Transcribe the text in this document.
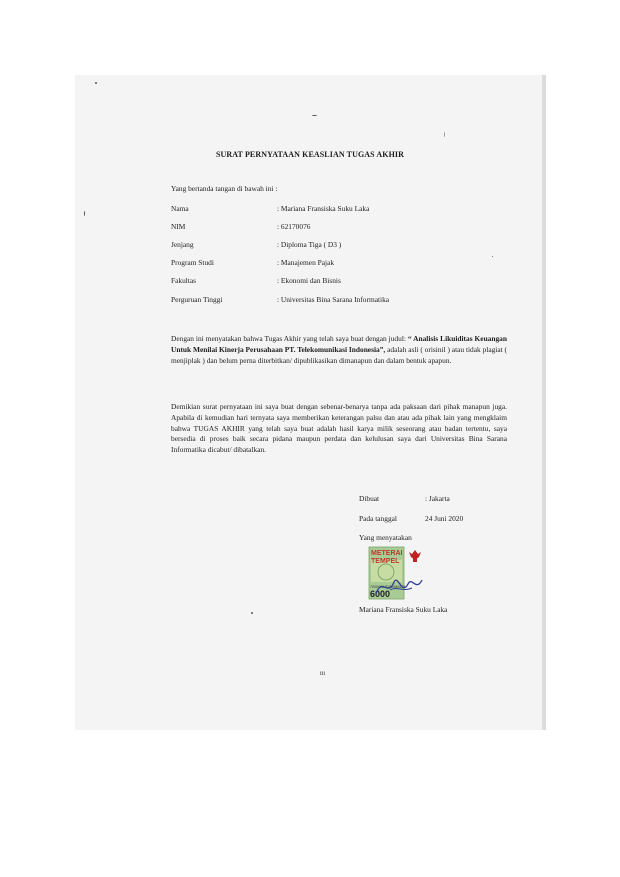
SURAT PERNYATAAN KEASLIAN TUGAS AKHIR
Yang bertanda tangan di bawah ini :
Nama	: Mariana Fransiska Suku Laka
NIM	: 62170076
Jenjang	: Diploma Tiga ( D3 )
Program Studi	: Manajemen Pajak
Fakultas	: Ekonomi dan Bisnis
Perguruan Tinggi	: Universitas Bina Sarana Informatika
Dengan ini menyatakan bahwa Tugas Akhir yang telah saya buat dengan judul: “ Analisis Likuiditas Keuangan Untuk Menilai Kinerja Perusahaan PT. Telekomunikasi Indonesia”, adalah asli ( orisinil ) atau tidak plagiat ( menjiplak ) dan belum perna diterbitkan/ dipublikasikan dimanapun dan dalam bentuk apapun.
Demikian surat pernyataan ini saya buat dengan sebenar-benarya tanpa ada paksaan dari pihak manapun juga. Apabila di kemudian hari ternyata saya memberikan keterangan palsu dan atau ada pihak lain yang mengklaim bahwa TUGAS AKHIR yang telah saya buat adalah hasil karya milik seseorang atau badan tertentu, saya bersedia di proses baik secara pidana maupun perdata dan kelulusan saya dari Universitas Bina Sarana Informatika dicabut/ dibatalkan.
Dibuat	: Jakarta
Pada tanggal	24 Juni 2020
Yang menyatakan
METERAI
TEMPEL
7000CAHF455560121
6000
Mariana Fransiska Suku Laka
iii
